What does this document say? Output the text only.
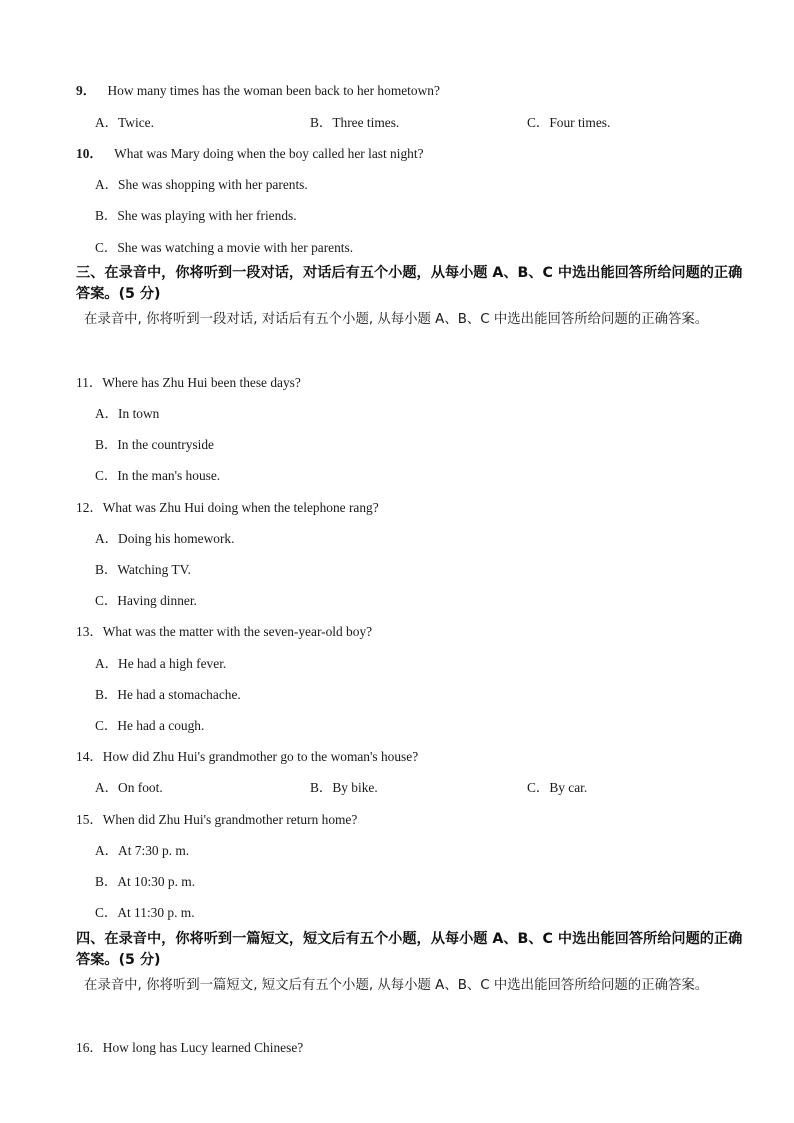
9． How many times has the woman been back to her hometown?
A．Twice.	B．Three times.	C．Four times.
10． What was Mary doing when the boy called her last night?
A．She was shopping with her parents.
B．She was playing with her friends.
C．She was watching a movie with her parents.
三、在录音中，你将听到一段对话，对话后有五个小题，从每小题 A、B、C 中选出能回答所给问题的正确答案。(5 分)
在录音中, 你将听到一段对话, 对话后有五个小题, 从每小题 A、B、C 中选出能回答所给问题的正确答案。
11．Where has Zhu Hui been these days?
A．In town
B．In the countryside
C．In the man's house.
12．What was Zhu Hui doing when the telephone rang?
A．Doing his homework.
B．Watching TV.
C．Having dinner.
13．What was the matter with the seven-year-old boy?
A．He had a high fever.
B．He had a stomachache.
C．He had a cough.
14．How did Zhu Hui's grandmother go to the woman's house?
A．On foot.	B．By bike.	C．By car.
15．When did Zhu Hui's grandmother return home?
A．At 7:30 p. m.
B．At 10:30 p. m.
C．At 11:30 p. m.
四、在录音中，你将听到一篇短文，短文后有五个小题，从每小题 A、B、C 中选出能回答所给问题的正确答案。(5 分)
在录音中, 你将听到一篇短文, 短文后有五个小题, 从每小题 A、B、C 中选出能回答所给问题的正确答案。
16．How long has Lucy learned Chinese?
